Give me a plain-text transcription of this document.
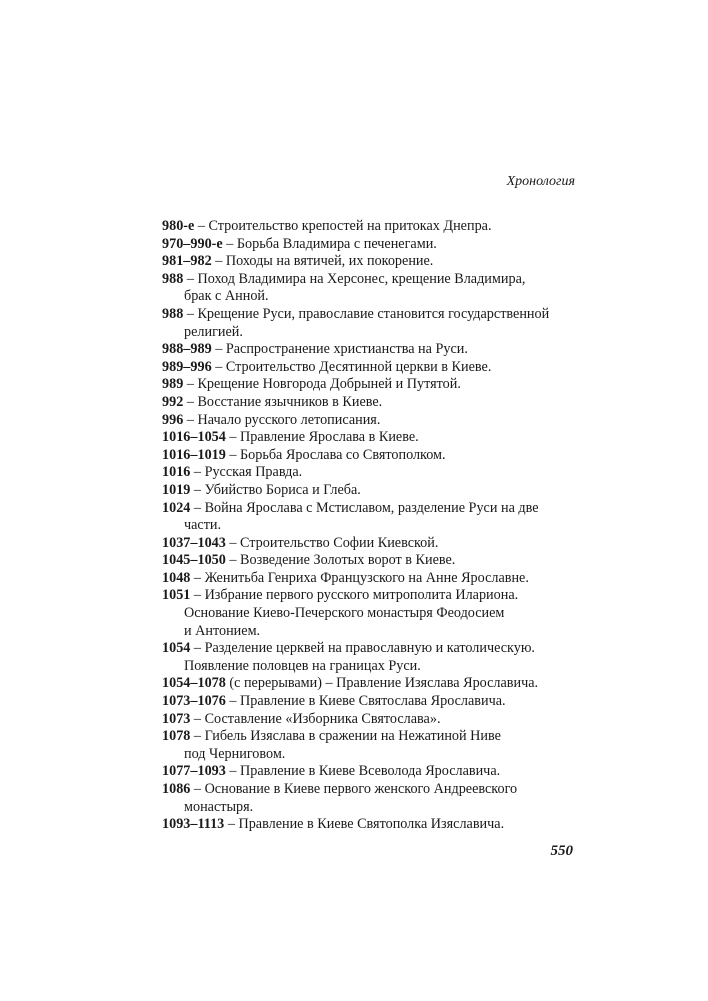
Хронология
980-е – Строительство крепостей на притоках Днепра.
970–990-е – Борьба Владимира с печенегами.
981–982 – Походы на вятичей, их покорение.
988 – Поход Владимира на Херсонес, крещение Владимира,
брак с Анной.
988 – Крещение Руси, православие становится государственной
религией.
988–989 – Распространение христианства на Руси.
989–996 – Строительство Десятинной церкви в Киеве.
989 – Крещение Новгорода Добрыней и Путятой.
992 – Восстание язычников в Киеве.
996 – Начало русского летописания.
1016–1054 – Правление Ярослава в Киеве.
1016–1019 – Борьба Ярослава со Святополком.
1016 – Русская Правда.
1019 – Убийство Бориса и Глеба.
1024 – Война Ярослава с Мстиславом, разделение Руси на две
части.
1037–1043 – Строительство Софии Киевской.
1045–1050 – Возведение Золотых ворот в Киеве.
1048 – Женитьба Генриха Французского на Анне Ярославне.
1051 – Избрание первого русского митрополита Илариона.
Основание Киево-Печерского монастыря Феодосием
и Антонием.
1054 – Разделение церквей на православную и католическую.
Появление половцев на границах Руси.
1054–1078 (с перерывами) – Правление Изяслава Ярославича.
1073–1076 – Правление в Киеве Святослава Ярославича.
1073 – Составление «Изборника Святослава».
1078 – Гибель Изяслава в сражении на Нежатиной Ниве
под Черниговом.
1077–1093 – Правление в Киеве Всеволода Ярославича.
1086 – Основание в Киеве первого женского Андреевского
монастыря.
1093–1113 – Правление в Киеве Святополка Изяславича.
550
